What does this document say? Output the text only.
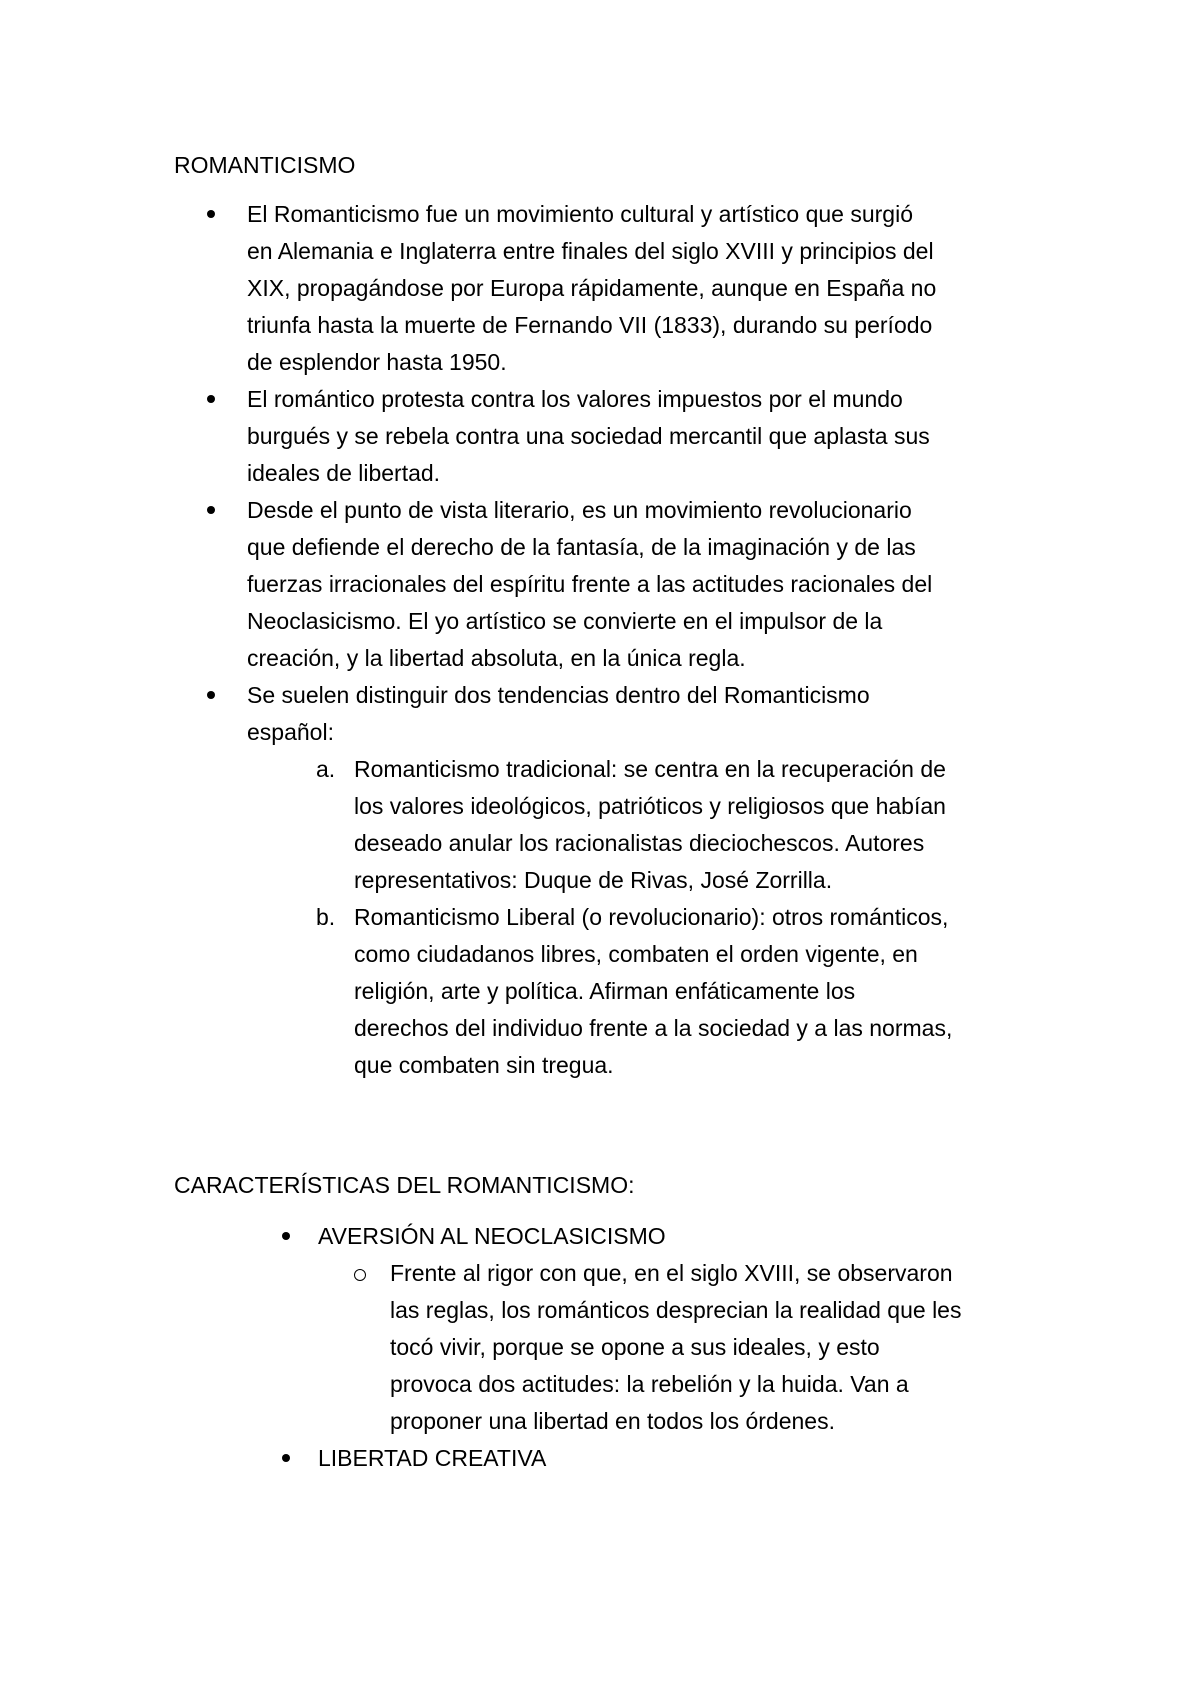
ROMANTICISMO
El Romanticismo fue un movimiento cultural y artístico que surgió
en Alemania e Inglaterra entre finales del siglo XVIII y principios del
XIX, propagándose por Europa rápidamente, aunque en España no
triunfa hasta la muerte de Fernando VII (1833), durando su período
de esplendor hasta 1950.
El romántico protesta contra los valores impuestos por el mundo
burgués y se rebela contra una sociedad mercantil que aplasta sus
ideales de libertad.
Desde el punto de vista literario, es un movimiento revolucionario
que defiende el derecho de la fantasía, de la imaginación y de las
fuerzas irracionales del espíritu frente a las actitudes racionales del
Neoclasicismo. El yo artístico se convierte en el impulsor de la
creación, y la libertad absoluta, en la única regla.
Se suelen distinguir dos tendencias dentro del Romanticismo
español:
a. Romanticismo tradicional: se centra en la recuperación de
los valores ideológicos, patrióticos y religiosos que habían
deseado anular los racionalistas dieciochescos. Autores
representativos: Duque de Rivas, José Zorrilla.
b. Romanticismo Liberal (o revolucionario): otros románticos,
como ciudadanos libres, combaten el orden vigente, en
religión, arte y política. Afirman enfáticamente los
derechos del individuo frente a la sociedad y a las normas,
que combaten sin tregua.
CARACTERÍSTICAS DEL ROMANTICISMO:
AVERSIÓN AL NEOCLASICISMO
Frente al rigor con que, en el siglo XVIII, se observaron
las reglas, los románticos desprecian la realidad que les
tocó vivir, porque se opone a sus ideales, y esto
provoca dos actitudes: la rebelión y la huida. Van a
proponer una libertad en todos los órdenes.
LIBERTAD CREATIVA
